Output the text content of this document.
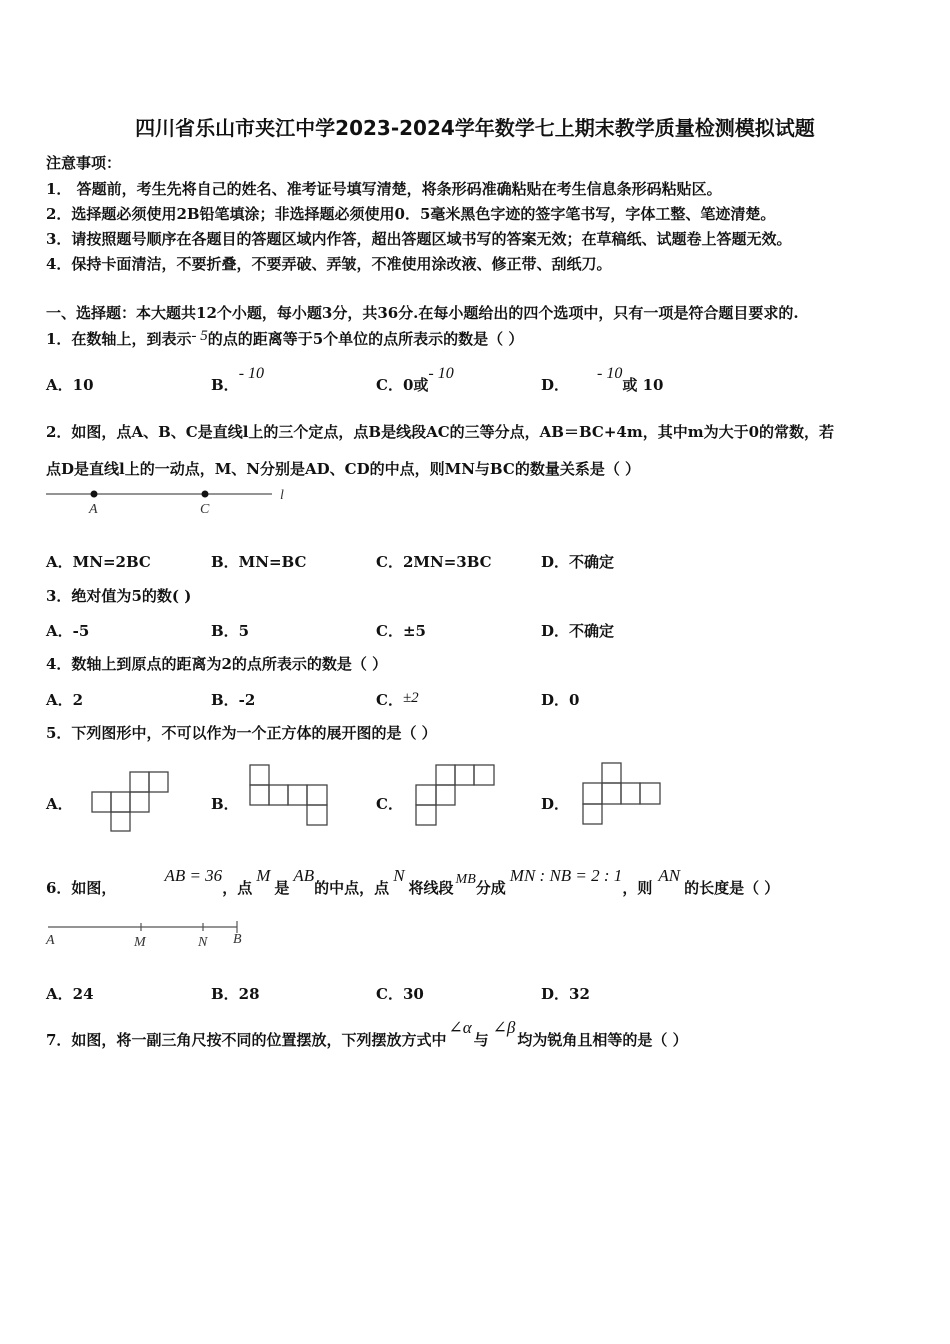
四川省乐山市夹江中学2023-2024学年数学七上期末教学质量检测模拟试题
注意事项：
1． 答题前，考生先将自己的姓名、准考证号填写清楚，将条形码准确粘贴在考生信息条形码粘贴区。
2．选择题必须使用2B铅笔填涂；非选择题必须使用0．5毫米黑色字迹的签字笔书写，字体工整、笔迹清楚。
3．请按照题号顺序在各题目的答题区域内作答，超出答题区域书写的答案无效；在草稿纸、试题卷上答题无效。
4．保持卡面清洁，不要折叠，不要弄破、弄皱，不准使用涂改液、修正带、刮纸刀。
一、选择题：本大题共12个小题，每小题3分，共36分.在每小题给出的四个选项中，只有一项是符合题目要求的.
1．在数轴上，到表示- 5的点的距离等于5个单位的点所表示的数是（ ）
A．10	B．- 10
C．0或- 10
D．- 10或 10
2．如图，点A、B、C是直线l上的三个定点，点B是线段AC的三等分点，AB＝BC+4m，其中m为大于0的常数，若
点D是直线l上的一动点，M、N分别是AD、CD的中点，则MN与BC的数量关系是（ ）
A	C
l
A．MN=2BC	B．MN=BC	C．2MN=3BC	D．不确定
3．绝对值为5的数( )
A．-5	B．5	C．±5	D．不确定
4．数轴上到原点的距离为2的点所表示的数是（ ）
A．2	B．-2	C．±2	D．0
5．下列图形中，不可以作为一个正方体的展开图的是（ ）
A．	B．	C．	D．
6．如图，AB = 36，点M是AB的中点，点N将线段 MB分成MN : NB = 2 : 1，则AN的长度是（ ）
A	M	N B
A．24	B．28	C．30	D．32
7．如图，将一副三角尺按不同的位置摆放，下列摆放方式中∠α与∠β均为锐角且相等的是（ ）
